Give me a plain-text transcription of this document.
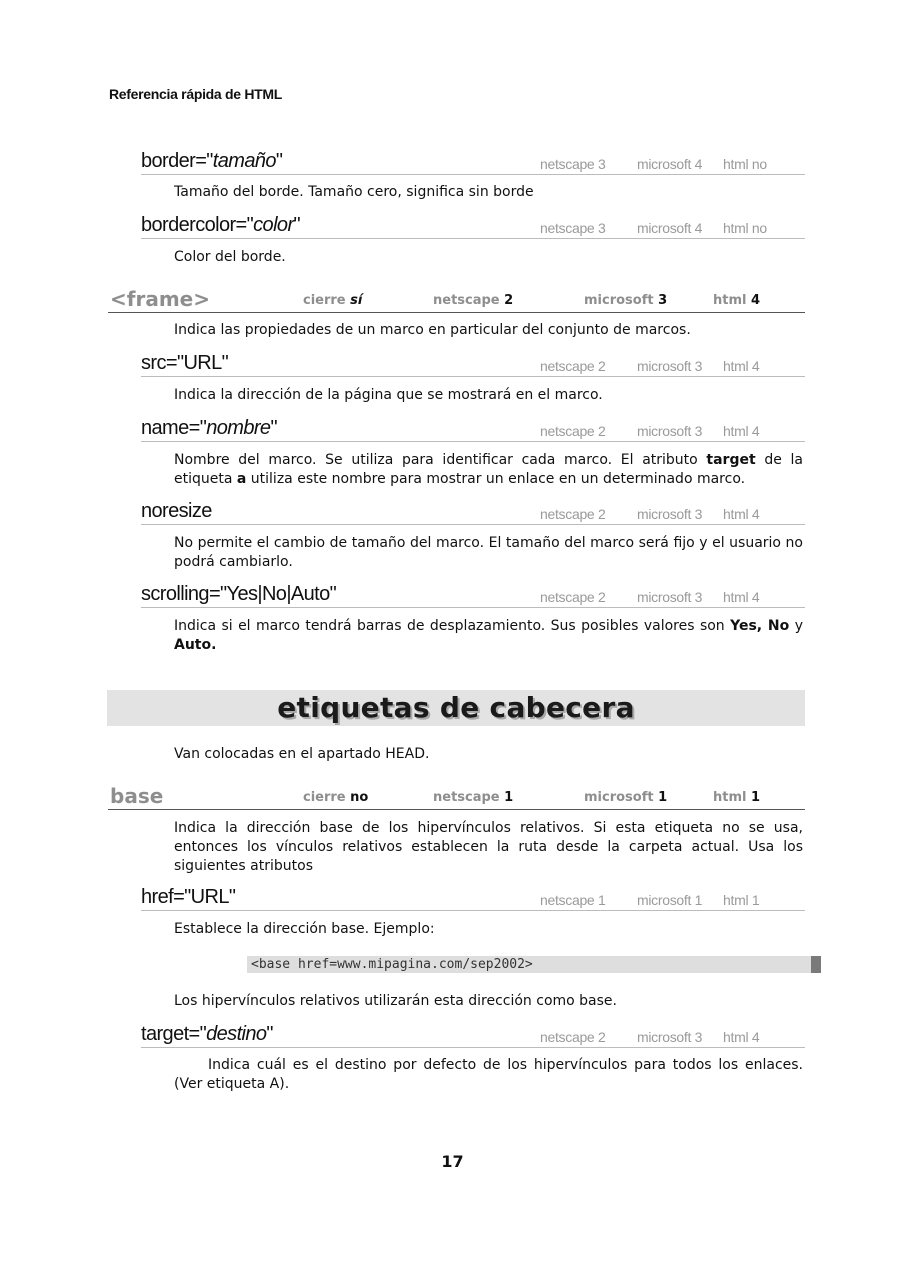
Referencia rápida de HTML
border="tamaño"	netscape 3 microsoft 4 html no
Tamaño del borde. Tamaño cero, significa sin borde
bordercolor="color"	netscape 3 microsoft 4 html no
Color del borde.
<frame>	cierre sí	netscape 2	microsoft 3	html 4
Indica las propiedades de un marco en particular del conjunto de marcos.
src="URL"	netscape 2 microsoft 3 html 4
Indica la dirección de la página que se mostrará en el marco.
name="nombre"	netscape 2 microsoft 3 html 4
Nombre del marco. Se utiliza para identificar cada marco. El atributo target de la etiqueta a utiliza este nombre para mostrar un enlace en un determinado marco.
noresize	netscape 2 microsoft 3 html 4
No permite el cambio de tamaño del marco. El tamaño del marco será fijo y el usuario no podrá cambiarlo.
scrolling="Yes|No|Auto"	netscape 2 microsoft 3 html 4
Indica si el marco tendrá barras de desplazamiento. Sus posibles valores son Yes, No y Auto.
etiquetas de cabecera
Van colocadas en el apartado HEAD.
base	cierre no	netscape 1	microsoft 1	html 1
Indica la dirección base de los hipervínculos relativos. Si esta etiqueta no se usa, entonces los vínculos relativos establecen la ruta desde la carpeta actual. Usa los siguientes atributos
href="URL"	netscape 1 microsoft 1 html 1
Establece la dirección base. Ejemplo:
<base href=www.mipagina.com/sep2002>
Los hipervínculos relativos utilizarán esta dirección como base.
target="destino"	netscape 2 microsoft 3 html 4
Indica cuál es el destino por defecto de los hipervínculos para todos los enlaces. (Ver etiqueta A).
17
